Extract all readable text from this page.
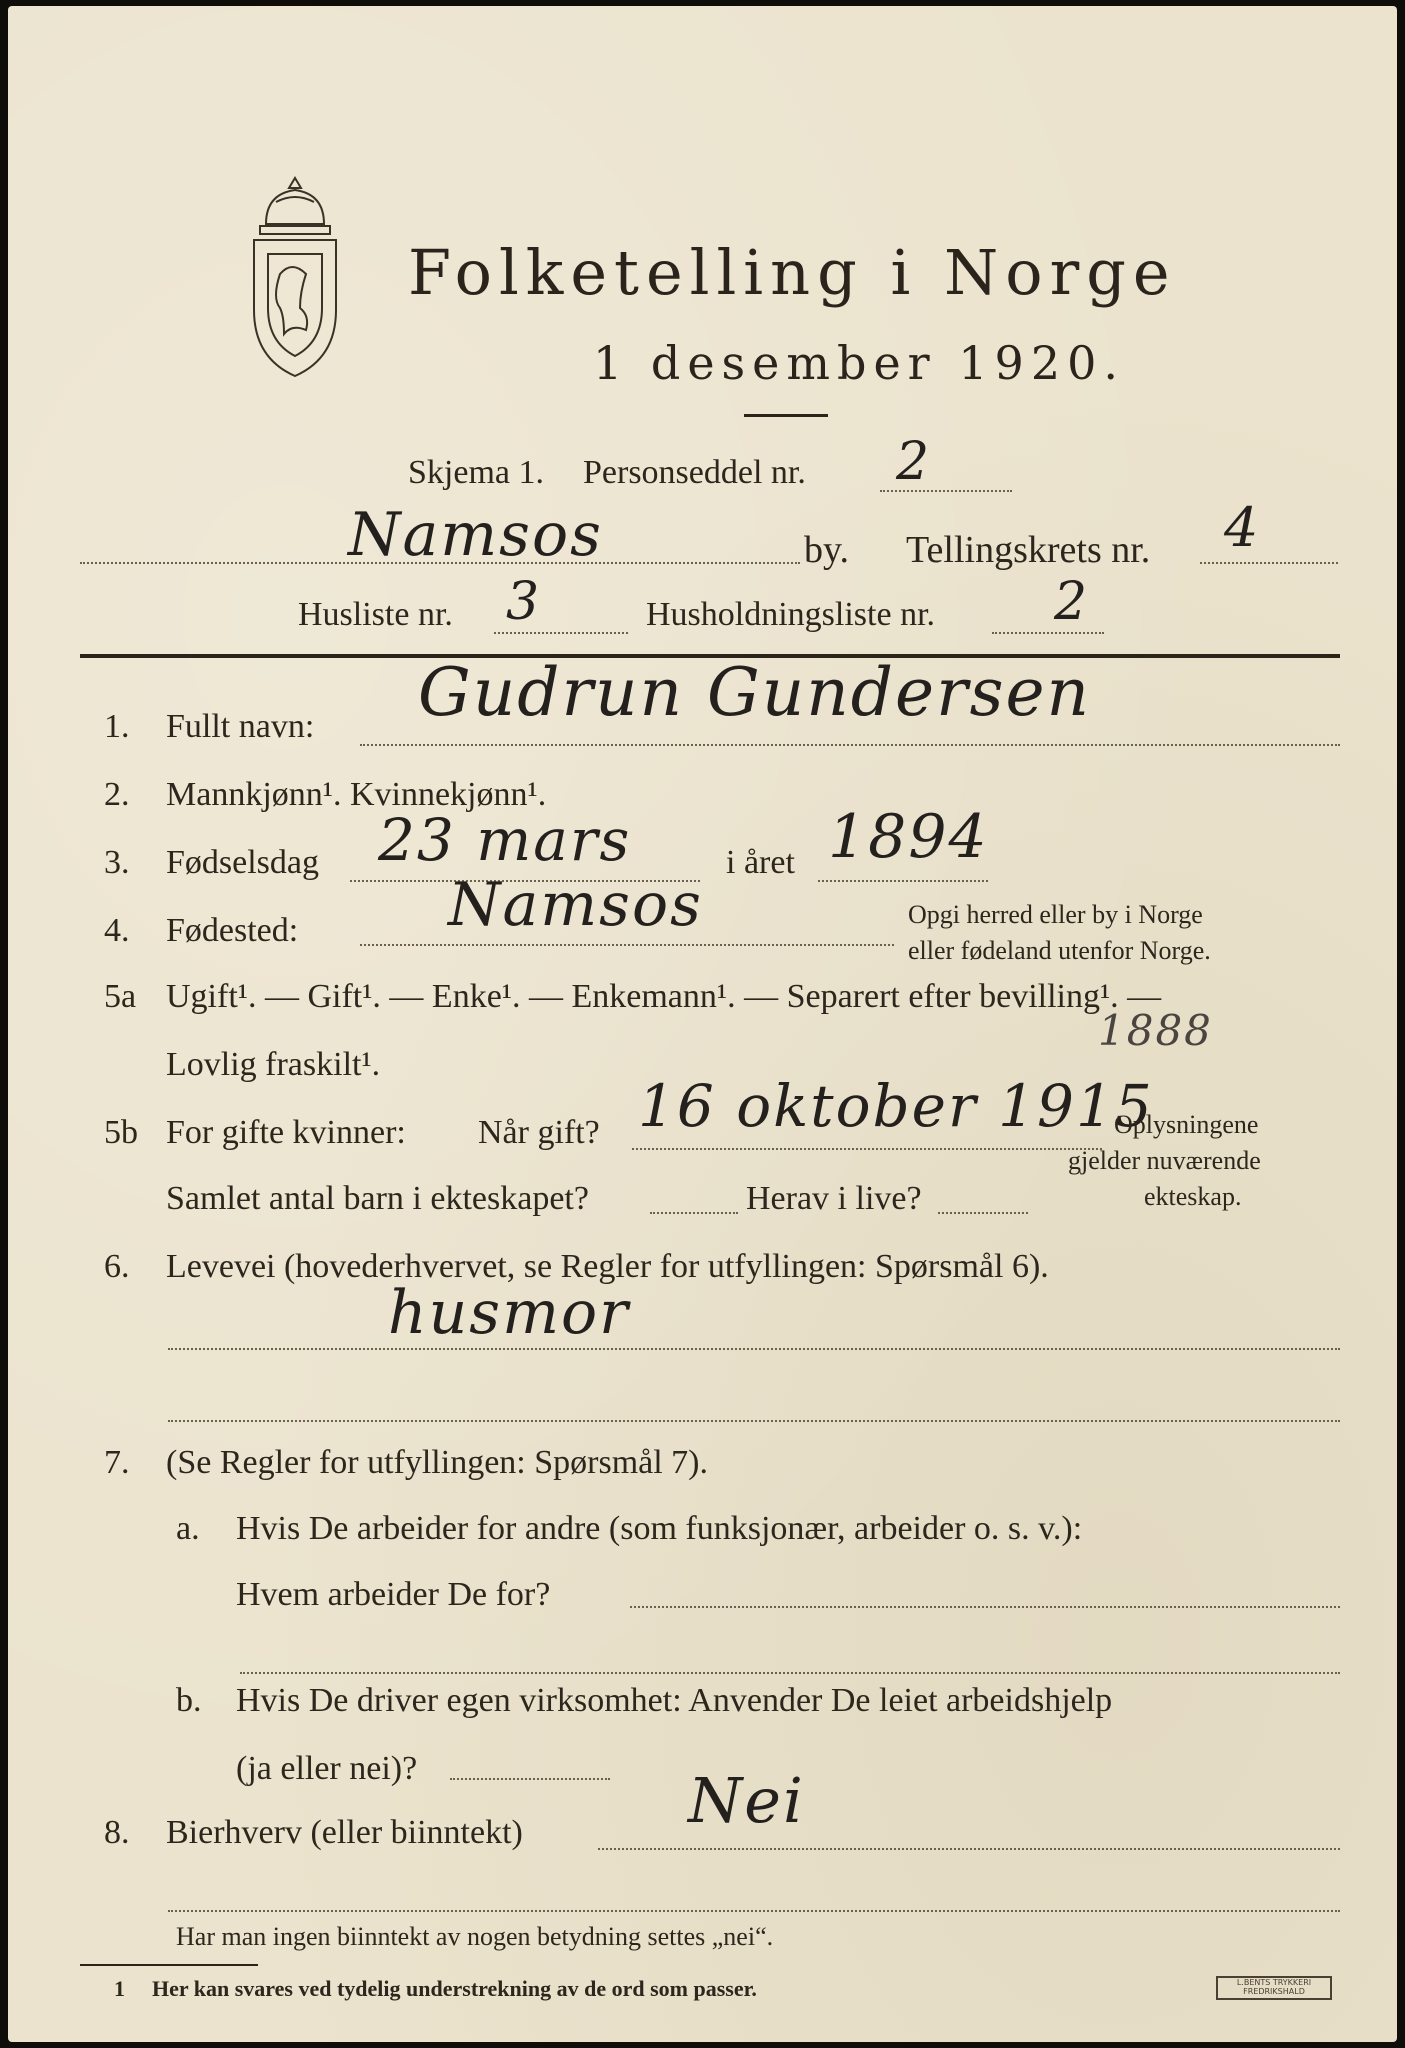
Folketelling i Norge
1 desember 1920.
Skjema 1. Personseddel nr. 2
Namsos	by. Tellingskrets nr. 4
Husliste nr. 3	Husholdningsliste nr. 2
1. Fullt navn: Gudrun Gundersen
2. Mannkjønn¹. Kvinnekjønn¹.
3. Fødselsdag 23 mars	i året 1894
4. Fødested: Namsos	Opgi herred eller by i Norge
eller fødeland utenfor Norge.
5a Ugift¹. — Gift¹. — Enke¹. — Enkemann¹. — Separert efter bevilling¹. —
1888
Lovlig fraskilt¹.
5b For gifte kvinner: Når gift? 16 oktober 1915
Oplysningene
gjelder nuværende
ekteskap.
Samlet antal barn i ekteskapet?	Herav i live?
6. Levevei (hovederhvervet, se Regler for utfyllingen: Spørsmål 6).
husmor
7. (Se Regler for utfyllingen: Spørsmål 7).
a. Hvis De arbeider for andre (som funksjonær, arbeider o. s. v.):
Hvem arbeider De for?
b. Hvis De driver egen virksomhet: Anvender De leiet arbeidshjelp
(ja eller nei)?
8. Bierhverv (eller biinntekt)	Nei
Har man ingen biinntekt av nogen betydning settes „nei“.
1 Her kan svares ved tydelig understrekning av de ord som passer.	L.BENTS TRYKKERI
FREDRIKSHALD
